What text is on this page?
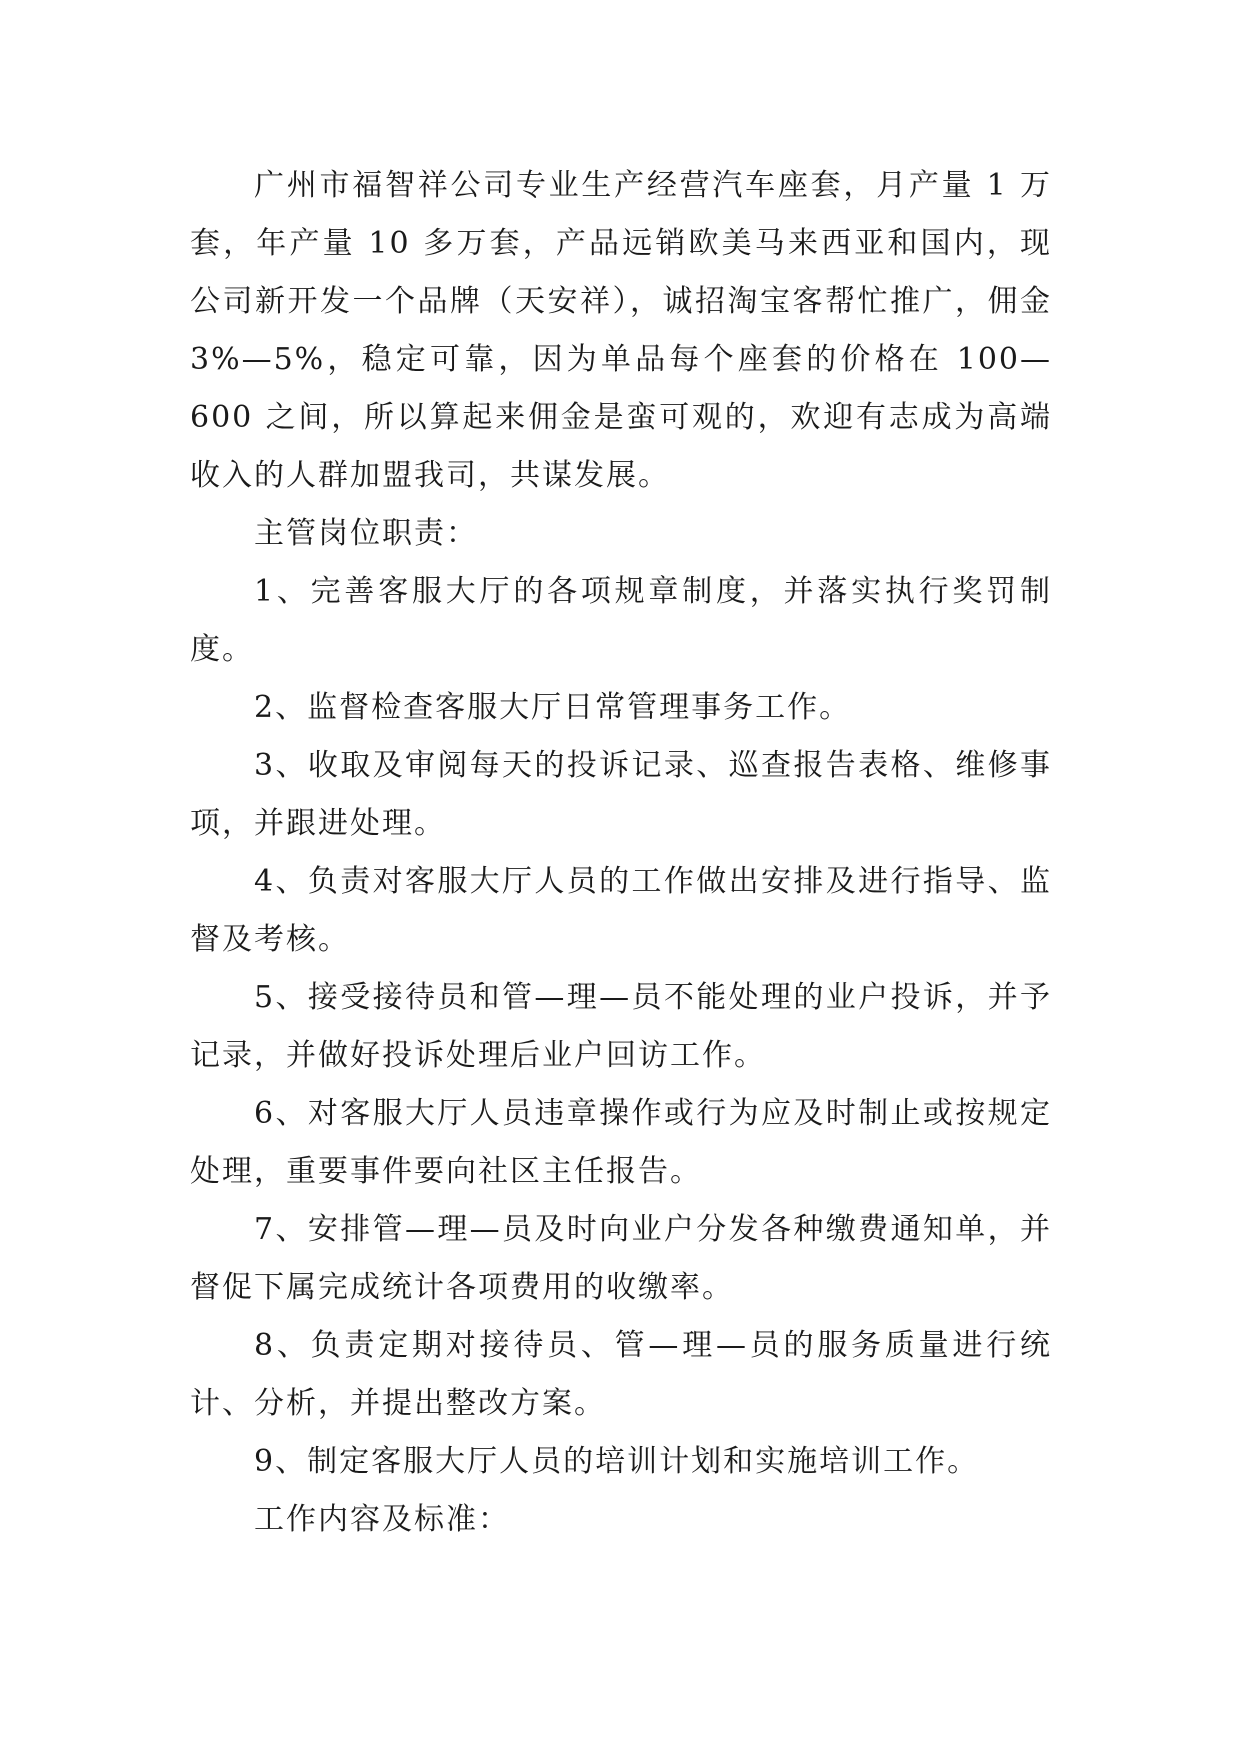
广州市福智祥公司专业生产经营汽车座套，月产量 1 万套，年产量 10 多万套，产品远销欧美马来西亚和国内，现公司新开发一个品牌（天安祥），诚招淘宝客帮忙推广，佣金 3%—5%，稳定可靠，因为单品每个座套的价格在 100—600 之间，所以算起来佣金是蛮可观的，欢迎有志成为高端收入的人群加盟我司，共谋发展。

主管岗位职责：

1、完善客服大厅的各项规章制度，并落实执行奖罚制度。

2、监督检查客服大厅日常管理事务工作。

3、收取及审阅每天的投诉记录、巡查报告表格、维修事项，并跟进处理。

4、负责对客服大厅人员的工作做出安排及进行指导、监督及考核。

5、接受接待员和管—理—员不能处理的业户投诉，并予记录，并做好投诉处理后业户回访工作。

6、对客服大厅人员违章操作或行为应及时制止或按规定处理，重要事件要向社区主任报告。

7、安排管—理—员及时向业户分发各种缴费通知单，并督促下属完成统计各项费用的收缴率。

8、负责定期对接待员、管—理—员的服务质量进行统计、分析，并提出整改方案。

9、制定客服大厅人员的培训计划和实施培训工作。

工作内容及标准：
